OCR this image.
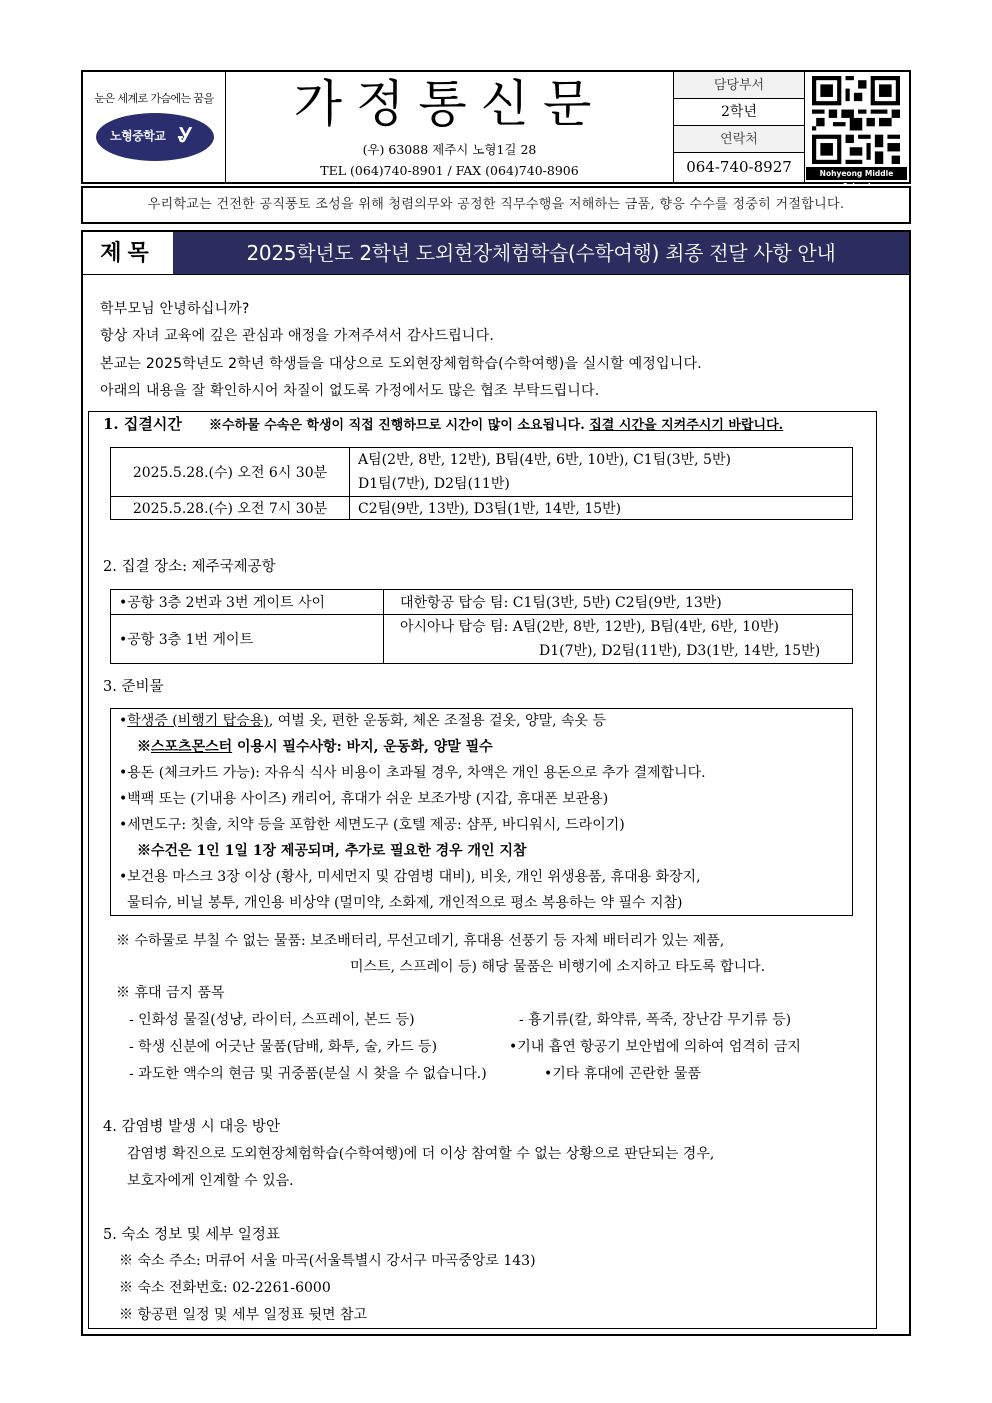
눈은 세계로 가슴에는 꿈을
노형중학교 Ꮍ
가정통신문
(우) 63088 제주시 노형1길 28
TEL (064)740-8901 / FAX (064)740-8906
담당부서
2학년
연락처
064-740-8927	Nohyeong Middle School
우리학교는 건전한 공직풍토 조성을 위해 청렴의무와 공정한 직무수행을 저해하는 금품, 향응 수수를 정중히 거절합니다.
제목	2025학년도 2학년 도외현장체험학습(수학여행) 최종 전달 사항 안내
학부모님 안녕하십니까?
항상 자녀 교육에 깊은 관심과 애정을 가져주셔서 감사드립니다.
본교는 2025학년도 2학년 학생들을 대상으로 도외현장체험학습(수학여행)을 실시할 예정입니다.
아래의 내용을 잘 확인하시어 차질이 없도록 가정에서도 많은 협조 부탁드립니다.
1. 집결시간 ※수하물 수속은 학생이 직접 진행하므로 시간이 많이 소요됩니다. 집결 시간을 지켜주시기 바랍니다.
2025.5.28.(수) 오전 6시 30분	A팀(2반, 8반, 12반), B팀(4반, 6반, 10반), C1팀(3반, 5반)
D1팀(7반), D2팀(11반)

2025.5.28.(수) 오전 7시 30분	C2팀(9반, 13반), D3팀(1반, 14반, 15반)
2. 집결 장소: 제주국제공항
•공항 3층 2번과 3번 게이트 사이	대한항공 탑승 팀: C1팀(3반, 5반) C2팀(9반, 13반)
•공항 3층 1번 게이트	아시아나 탑승 팀: A팀(2반, 8반, 12반), B팀(4반, 6반, 10반)
D1(7반), D2팀(11반), D3(1반, 14반, 15반)
3. 준비물
•학생증 (비행기 탑승용), 여벌 옷, 편한 운동화, 체온 조절용 겉옷, 양말, 속옷 등
※스포츠몬스터 이용시 필수사항: 바지, 운동화, 양말 필수
•용돈 (체크카드 가능): 자유식 식사 비용이 초과될 경우, 차액은 개인 용돈으로 추가 결제합니다.
•백팩 또는 (기내용 사이즈) 캐리어, 휴대가 쉬운 보조가방 (지갑, 휴대폰 보관용)
•세면도구: 칫솔, 치약 등을 포함한 세면도구 (호텔 제공: 샴푸, 바디워시, 드라이기)
※수건은 1인 1일 1장 제공되며, 추가로 필요한 경우 개인 지참
•보건용 마스크 3장 이상 (황사, 미세먼지 및 감염병 대비), 비옷, 개인 위생용품, 휴대용 화장지,
물티슈, 비닐 봉투, 개인용 비상약 (멀미약, 소화제, 개인적으로 평소 복용하는 약 필수 지참)
※ 수하물로 부칠 수 없는 물품: 보조배터리, 무선고데기, 휴대용 선풍기 등 자체 배터리가 있는 제품,
미스트, 스프레이 등) 해당 물품은 비행기에 소지하고 타도록 합니다.
※ 휴대 금지 품목
- 인화성 물질(성냥, 라이터, 스프레이, 본드 등)	- 흉기류(칼, 화약류, 폭죽, 장난감 무기류 등)
- 학생 신분에 어긋난 물품(담배, 화투, 술, 카드 등)	•기내 흡연 항공기 보안법에 의하여 엄격히 금지
- 과도한 액수의 현금 및 귀중품(분실 시 찾을 수 없습니다.)	•기타 휴대에 곤란한 물품
4. 감염병 발생 시 대응 방안
감염병 확진으로 도외현장체험학습(수학여행)에 더 이상 참여할 수 없는 상황으로 판단되는 경우,
보호자에게 인계할 수 있음.
5. 숙소 정보 및 세부 일정표
※ 숙소 주소: 머큐어 서울 마곡(서울특별시 강서구 마곡중앙로 143)
※ 숙소 전화번호: 02-2261-6000
※ 항공편 일정 및 세부 일정표 뒷면 참고
